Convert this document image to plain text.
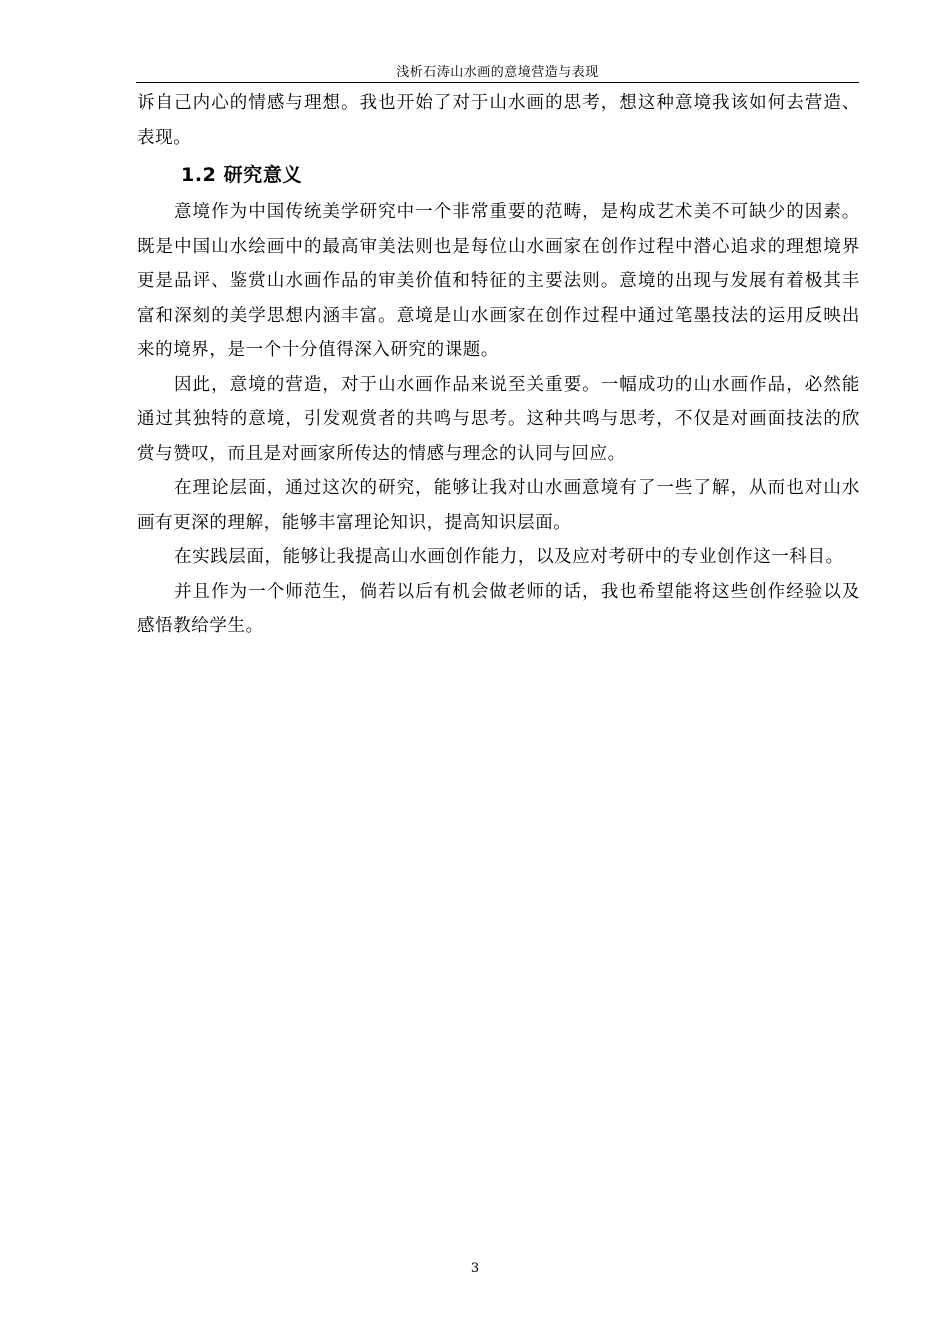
浅析石涛山水画的意境营造与表现

诉自己内心的情感与理想。我也开始了对于山水画的思考，想这种意境我该如何去营造、表现。

1.2 研究意义

意境作为中国传统美学研究中一个非常重要的范畴，是构成艺术美不可缺少的因素。既是中国山水绘画中的最高审美法则也是每位山水画家在创作过程中潜心追求的理想境界更是品评、鉴赏山水画作品的审美价值和特征的主要法则。意境的出现与发展有着极其丰富和深刻的美学思想内涵丰富。意境是山水画家在创作过程中通过笔墨技法的运用反映出来的境界，是一个十分值得深入研究的课题。

因此，意境的营造，对于山水画作品来说至关重要。一幅成功的山水画作品，必然能通过其独特的意境，引发观赏者的共鸣与思考。这种共鸣与思考，不仅是对画面技法的欣赏与赞叹，而且是对画家所传达的情感与理念的认同与回应。

在理论层面，通过这次的研究，能够让我对山水画意境有了一些了解，从而也对山水画有更深的理解，能够丰富理论知识，提高知识层面。

在实践层面，能够让我提高山水画创作能力，以及应对考研中的专业创作这一科目。

并且作为一个师范生，倘若以后有机会做老师的话，我也希望能将这些创作经验以及感悟教给学生。

3
